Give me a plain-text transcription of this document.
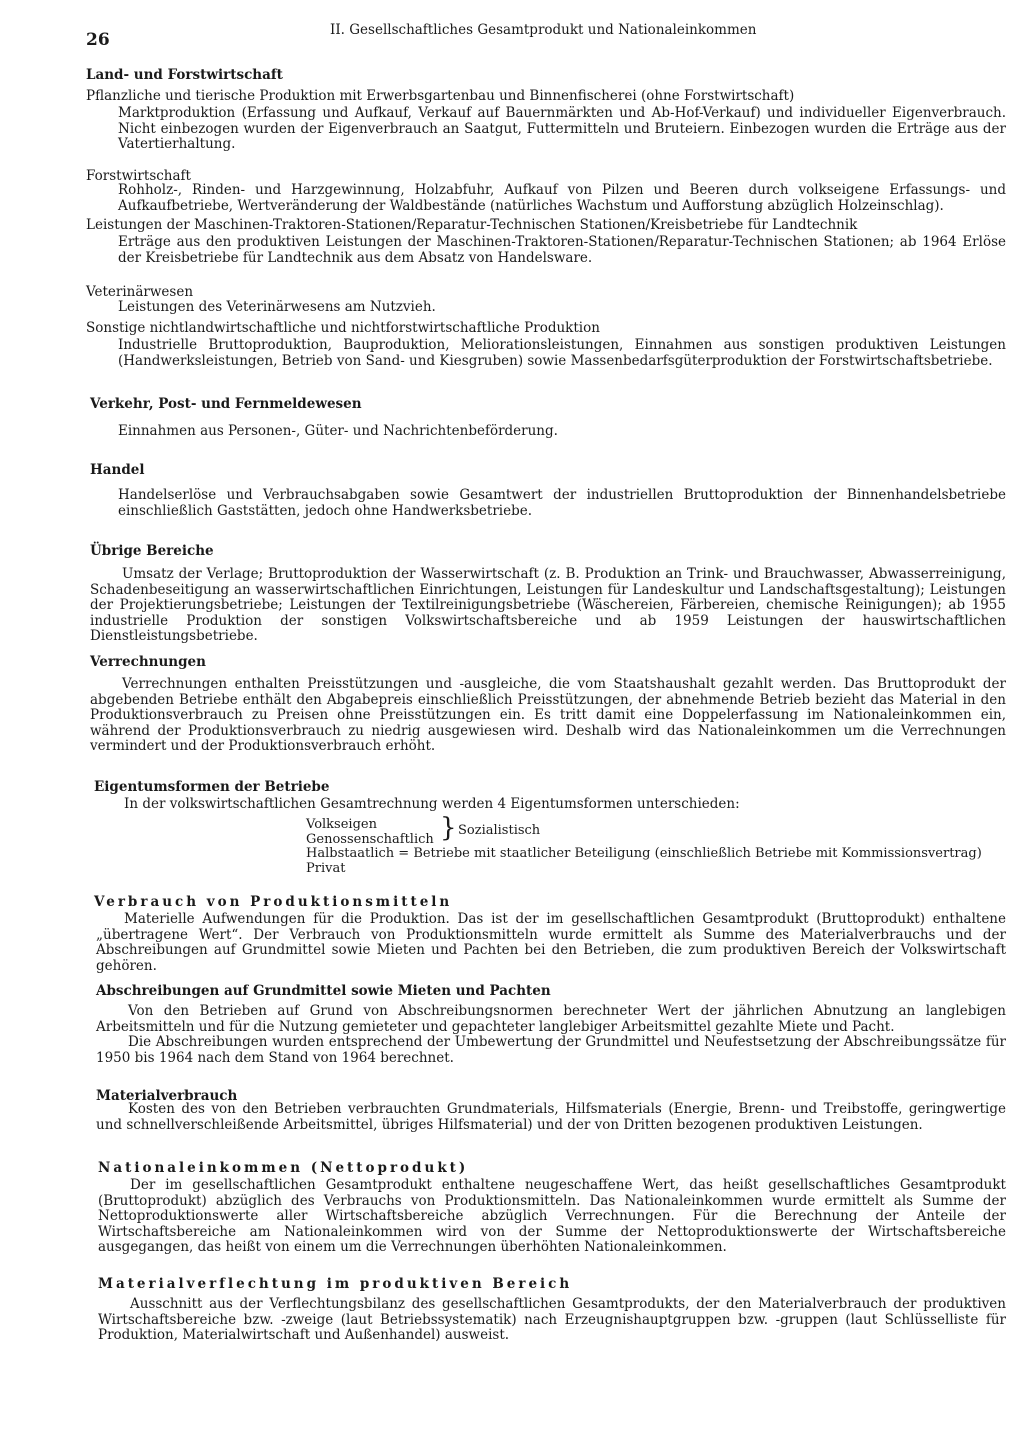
26	II. Gesellschaftliches Gesamtprodukt und Nationaleinkommen
Land- und Forstwirtschaft
Pflanzliche und tierische Produktion mit Erwerbsgartenbau und Binnenfischerei (ohne Forstwirtschaft)
Marktproduktion (Erfassung und Aufkauf, Verkauf auf Bauernmärkten und Ab-Hof-Verkauf) und individueller Eigenverbrauch. Nicht einbezogen wurden der Eigenverbrauch an Saatgut, Futtermitteln und Bruteiern. Einbezogen wurden die Erträge aus der Vatertierhaltung.
Forstwirtschaft
Rohholz-, Rinden- und Harzgewinnung, Holzabfuhr, Aufkauf von Pilzen und Beeren durch volkseigene Erfassungs- und Aufkaufbetriebe, Wertveränderung der Waldbestände (natürliches Wachstum und Aufforstung abzüglich Holzeinschlag).
Leistungen der Maschinen-Traktoren-Stationen/Reparatur-Technischen Stationen/Kreisbetriebe für Landtechnik
Erträge aus den produktiven Leistungen der Maschinen-Traktoren-Stationen/Reparatur-Technischen Stationen; ab 1964 Erlöse der Kreisbetriebe für Landtechnik aus dem Absatz von Handelsware.
Veterinärwesen
Leistungen des Veterinärwesens am Nutzvieh.
Sonstige nichtlandwirtschaftliche und nichtforstwirtschaftliche Produktion
Industrielle Bruttoproduktion, Bauproduktion, Meliorationsleistungen, Einnahmen aus sonstigen produktiven Leistungen (Handwerksleistungen, Betrieb von Sand- und Kiesgruben) sowie Massenbedarfsgüterproduktion der Forstwirtschaftsbetriebe.
Verkehr, Post- und Fernmeldewesen
Einnahmen aus Personen-, Güter- und Nachrichtenbeförderung.
Handel
Handelserlöse und Verbrauchsabgaben sowie Gesamtwert der industriellen Bruttoproduktion der Binnenhandelsbetriebe einschließlich Gaststätten, jedoch ohne Handwerksbetriebe.
Übrige Bereiche
Umsatz der Verlage; Bruttoproduktion der Wasserwirtschaft (z. B. Produktion an Trink- und Brauchwasser, Abwasserreinigung, Schadenbeseitigung an wasserwirtschaftlichen Einrichtungen, Leistungen für Landeskultur und Landschaftsgestaltung); Leistungen der Projektierungsbetriebe; Leistungen der Textilreinigungsbetriebe (Wäschereien, Färbereien, chemische Reinigungen); ab 1955 industrielle Produktion der sonstigen Volkswirtschaftsbereiche und ab 1959 Leistungen der hauswirtschaftlichen Dienstleistungsbetriebe.
Verrechnungen
Verrechnungen enthalten Preisstützungen und -ausgleiche, die vom Staatshaushalt gezahlt werden. Das Bruttoprodukt der abgebenden Betriebe enthält den Abgabepreis einschließlich Preisstützungen, der abnehmende Betrieb bezieht das Material in den Produktionsverbrauch zu Preisen ohne Preisstützungen ein. Es tritt damit eine Doppelerfassung im Nationaleinkommen ein, während der Produktionsverbrauch zu niedrig ausgewiesen wird. Deshalb wird das Nationaleinkommen um die Verrechnungen vermindert und der Produktionsverbrauch erhöht.
Eigentumsformen der Betriebe
In der volkswirtschaftlichen Gesamtrechnung werden 4 Eigentumsformen unterschieden:
Volkseigen
Genossenschaftlich
Halbstaatlich = Betriebe mit staatlicher Beteiligung (einschließlich Betriebe mit Kommissionsvertrag)
Privat
} Sozialistisch
Verbrauch von Produktionsmitteln
Materielle Aufwendungen für die Produktion. Das ist der im gesellschaftlichen Gesamtprodukt (Bruttoprodukt) enthaltene „übertragene Wert“. Der Verbrauch von Produktionsmitteln wurde ermittelt als Summe des Materialverbrauchs und der Abschreibungen auf Grundmittel sowie Mieten und Pachten bei den Betrieben, die zum produktiven Bereich der Volkswirtschaft gehören.
Abschreibungen auf Grundmittel sowie Mieten und Pachten
Von den Betrieben auf Grund von Abschreibungsnormen berechneter Wert der jährlichen Abnutzung an langlebigen Arbeitsmitteln und für die Nutzung gemieteter und gepachteter langlebiger Arbeitsmittel gezahlte Miete und Pacht.
Die Abschreibungen wurden entsprechend der Umbewertung der Grundmittel und Neufestsetzung der Abschreibungssätze für 1950 bis 1964 nach dem Stand von 1964 berechnet.
Materialverbrauch
Kosten des von den Betrieben verbrauchten Grundmaterials, Hilfsmaterials (Energie, Brenn- und Treibstoffe, geringwertige und schnellverschleißende Arbeitsmittel, übriges Hilfsmaterial) und der von Dritten bezogenen produktiven Leistungen.
Nationaleinkommen (Nettoprodukt)
Der im gesellschaftlichen Gesamtprodukt enthaltene neugeschaffene Wert, das heißt gesellschaftliches Gesamtprodukt (Bruttoprodukt) abzüglich des Verbrauchs von Produktionsmitteln. Das Nationaleinkommen wurde ermittelt als Summe der Nettoproduktionswerte aller Wirtschaftsbereiche abzüglich Verrechnungen. Für die Berechnung der Anteile der Wirtschaftsbereiche am Nationaleinkommen wird von der Summe der Nettoproduktionswerte der Wirtschaftsbereiche ausgegangen, das heißt von einem um die Verrechnungen überhöhten Nationaleinkommen.
Materialverflechtung im produktiven Bereich
Ausschnitt aus der Verflechtungsbilanz des gesellschaftlichen Gesamtprodukts, der den Materialverbrauch der produktiven Wirtschaftsbereiche bzw. -zweige (laut Betriebssystematik) nach Erzeugnishauptgruppen bzw. -gruppen (laut Schlüsselliste für Produktion, Materialwirtschaft und Außenhandel) ausweist.
